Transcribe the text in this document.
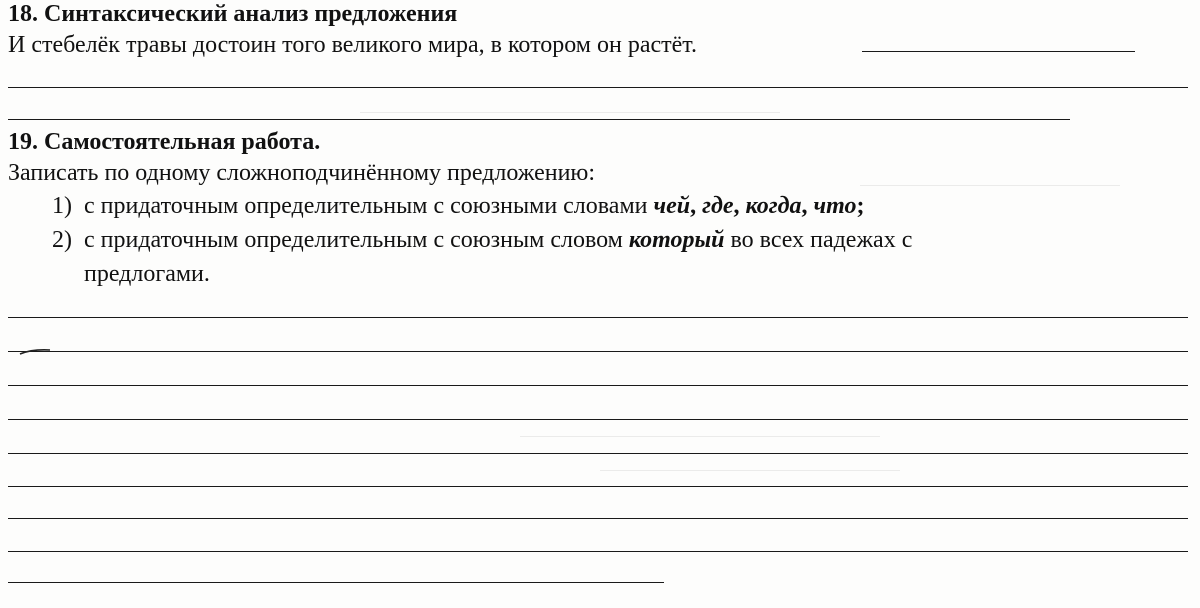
18. Синтаксический анализ предложения
И стебелёк травы достоин того великого мира, в котором он растёт.
19. Самостоятельная работа.
Записать по одному сложноподчинённому предложению:
1) с придаточным определительным с союзными словами чей, где, когда, что;
2) с придаточным определительным с союзным словом который во всех падежах с
предлогами.
